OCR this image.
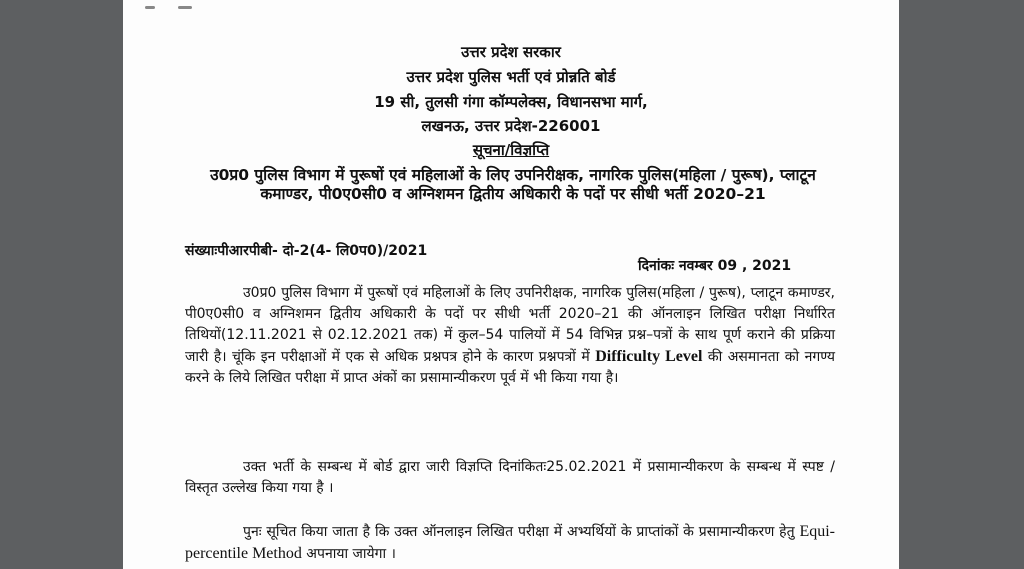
उत्तर प्रदेश सरकार
उत्तर प्रदेश पुलिस भर्ती एवं प्रोन्नति बोर्ड
19 सी, तुलसी गंगा कॉम्पलेक्स, विधानसभा मार्ग,
लखनऊ, उत्तर प्रदेश-226001
सूचना/विज्ञप्ति
उ0प्र0 पुलिस विभाग में पुरूषों एवं महिलाओं के लिए उपनिरीक्षक, नागरिक पुलिस(महिला / पुरूष), प्लाटून कमाण्डर, पी0ए0सी0 व अग्निशमन द्वितीय अधिकारी के पदों पर सीधी भर्ती 2020–21
संख्याःपीआरपीबी- दो-2(4- लि0प0)/2021
दिनांकः नवम्बर 09 , 2021
उ0प्र0 पुलिस विभाग में पुरूषों एवं महिलाओं के लिए उपनिरीक्षक, नागरिक पुलिस(महिला / पुरूष), प्लाटून कमाण्डर, पी0ए0सी0 व अग्निशमन द्वितीय अधिकारी के पदों पर सीधी भर्ती 2020–21 की ऑनलाइन लिखित परीक्षा निर्धारित तिथियों(12.11.2021 से 02.12.2021 तक) में कुल–54 पालियों में 54 विभिन्न प्रश्न–पत्रों के साथ पूर्ण कराने की प्रक्रिया जारी है। चूंकि इन परीक्षाओं में एक से अधिक प्रश्नपत्र होने के कारण प्रश्नपत्रों में Difficulty Level की असमानता को नगण्य करने के लिये लिखित परीक्षा में प्राप्त अंकों का प्रसामान्यीकरण पूर्व में भी किया गया है।
उक्त भर्ती के सम्बन्ध में बोर्ड द्वारा जारी विज्ञप्ति दिनांकितः25.02.2021 में प्रसामान्यीकरण के सम्बन्ध में स्पष्ट / विस्तृत उल्लेख किया गया है ।
पुनः सूचित किया जाता है कि उक्त ऑनलाइन लिखित परीक्षा में अभ्यर्थियों के प्राप्तांकों के प्रसामान्यीकरण हेतु Equi-percentile Method अपनाया जायेगा ।
